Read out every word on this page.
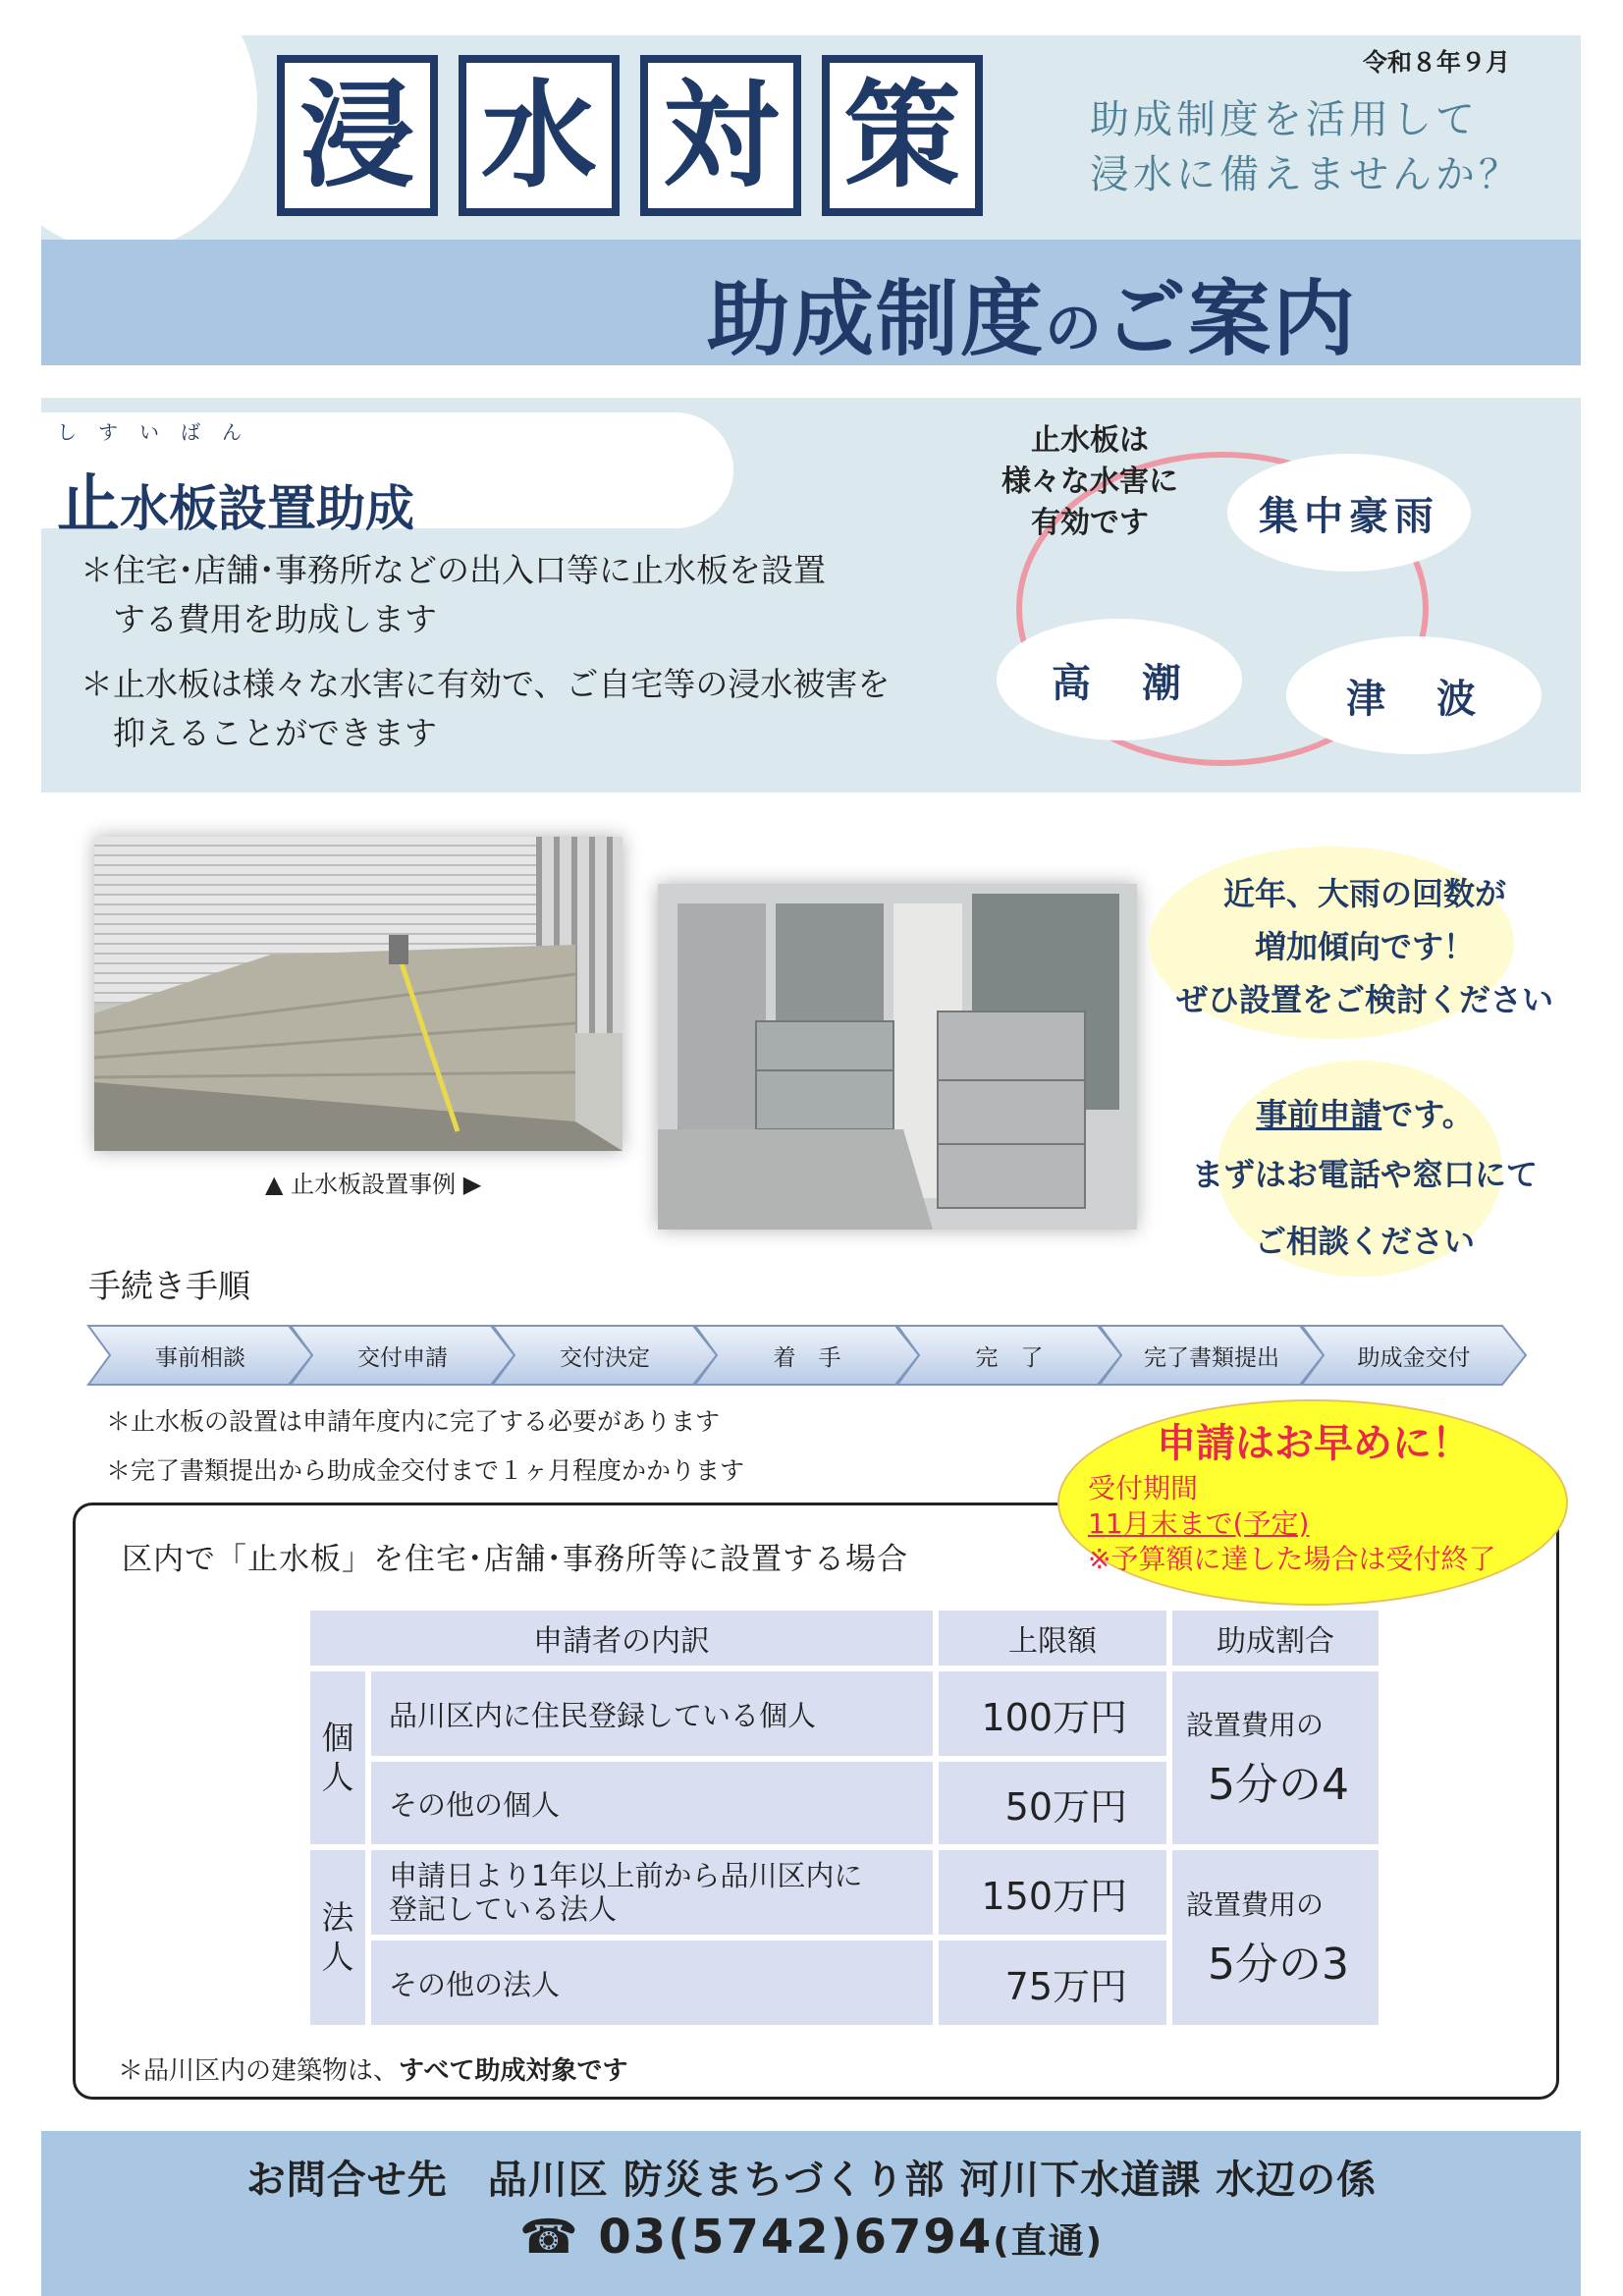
浸 水 対 策
令和８年９月
助成制度を活用して
浸水に備えませんか？
助成制度のご案内
しすいばん
止水板設置助成
＊住宅･店舗･事務所などの出入口等に止水板を設置
　する費用を助成します
＊止水板は様々な水害に有効で、ご自宅等の浸水被害を
　抑えることができます
止水板は
様々な水害に
有効です	集中豪雨
高　潮	津　波
▲ 止水板設置事例 ▶
近年、大雨の回数が
増加傾向です！
ぜひ設置をご検討ください
事前申請です。
まずはお電話や窓口にて
ご相談ください
手続き手順
事前相談	交付申請	交付決定	着　手	完　了	完了書類提出	助成金交付
＊止水板の設置は申請年度内に完了する必要があります
＊完了書類提出から助成金交付まで１ヶ月程度かかります
区内で「止水板」を住宅･店舗･事務所等に設置する場合
申請者の内訳	上限額	助成割合
個
人
品川区内に住民登録している個人	100万円
その他の個人	50万円
設置費用の
5分の4
法
人
申請日より1年以上前から品川区内に
登記している法人	150万円
その他の法人	75万円
設置費用の
5分の3
＊品川区内の建築物は、すべて助成対象です
申請はお早めに！
受付期間
11月末まで(予定)
※予算額に達した場合は受付終了
お問合せ先　品川区 防災まちづくり部 河川下水道課 水辺の係
☎ 03(5742)6794(直通)
